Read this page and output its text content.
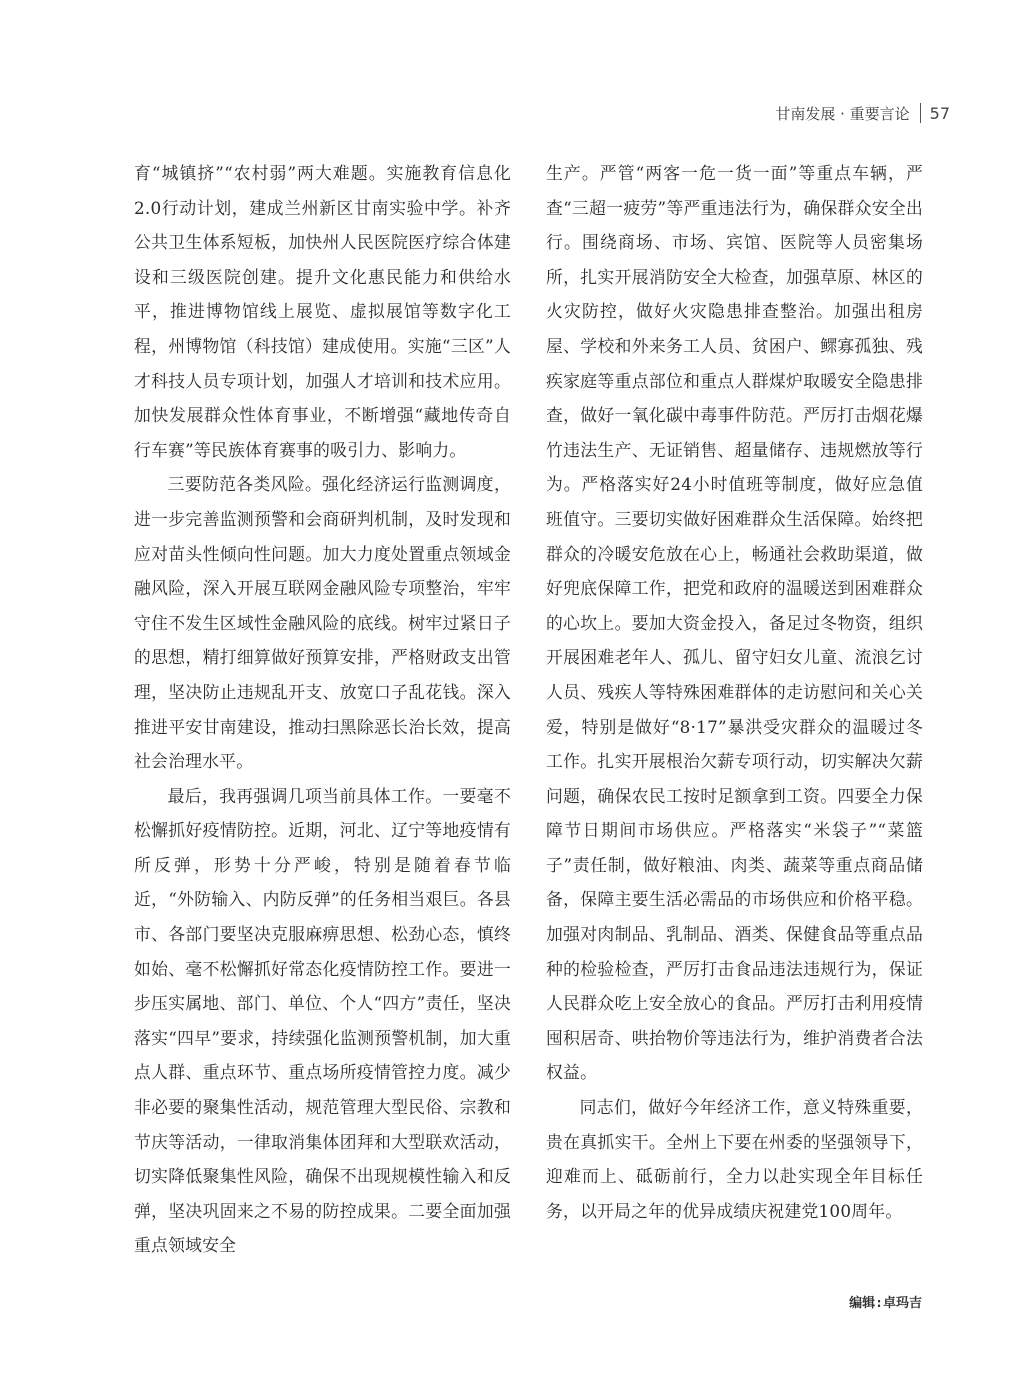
甘南发展 · 重要言论 57

育“城镇挤”“农村弱”两大难题。实施教育信息化2.0行动计划，建成兰州新区甘南实验中学。补齐公共卫生体系短板，加快州人民医院医疗综合体建设和三级医院创建。提升文化惠民能力和供给水平，推进博物馆线上展览、虚拟展馆等数字化工程，州博物馆（科技馆）建成使用。实施“三区”人才科技人员专项计划，加强人才培训和技术应用。加快发展群众性体育事业，不断增强“藏地传奇自行车赛”等民族体育赛事的吸引力、影响力。

三要防范各类风险。强化经济运行监测调度，进一步完善监测预警和会商研判机制，及时发现和应对苗头性倾向性问题。加大力度处置重点领域金融风险，深入开展互联网金融风险专项整治，牢牢守住不发生区域性金融风险的底线。树牢过紧日子的思想，精打细算做好预算安排，严格财政支出管理，坚决防止违规乱开支、放宽口子乱花钱。深入推进平安甘南建设，推动扫黑除恶长治长效，提高社会治理水平。

最后，我再强调几项当前具体工作。一要毫不松懈抓好疫情防控。近期，河北、辽宁等地疫情有所反弹，形势十分严峻，特别是随着春节临近，“外防输入、内防反弹”的任务相当艰巨。各县市、各部门要坚决克服麻痹思想、松劲心态，慎终如始、毫不松懈抓好常态化疫情防控工作。要进一步压实属地、部门、单位、个人“四方”责任，坚决落实“四早”要求，持续强化监测预警机制，加大重点人群、重点环节、重点场所疫情管控力度。减少非必要的聚集性活动，规范管理大型民俗、宗教和节庆等活动，一律取消集体团拜和大型联欢活动，切实降低聚集性风险，确保不出现规模性输入和反弹，坚决巩固来之不易的防控成果。二要全面加强重点领域安全

生产。严管“两客一危一货一面”等重点车辆，严查“三超一疲劳”等严重违法行为，确保群众安全出行。围绕商场、市场、宾馆、医院等人员密集场所，扎实开展消防安全大检查，加强草原、林区的火灾防控，做好火灾隐患排查整治。加强出租房屋、学校和外来务工人员、贫困户、鳏寡孤独、残疾家庭等重点部位和重点人群煤炉取暖安全隐患排查，做好一氧化碳中毒事件防范。严厉打击烟花爆竹违法生产、无证销售、超量储存、违规燃放等行为。严格落实好24小时值班等制度，做好应急值班值守。三要切实做好困难群众生活保障。始终把群众的冷暖安危放在心上，畅通社会救助渠道，做好兜底保障工作，把党和政府的温暖送到困难群众的心坎上。要加大资金投入，备足过冬物资，组织开展困难老年人、孤儿、留守妇女儿童、流浪乞讨人员、残疾人等特殊困难群体的走访慰问和关心关爱，特别是做好“8·17”暴洪受灾群众的温暖过冬工作。扎实开展根治欠薪专项行动，切实解决欠薪问题，确保农民工按时足额拿到工资。四要全力保障节日期间市场供应。严格落实“米袋子”“菜篮子”责任制，做好粮油、肉类、蔬菜等重点商品储备，保障主要生活必需品的市场供应和价格平稳。加强对肉制品、乳制品、酒类、保健食品等重点品种的检验检查，严厉打击食品违法违规行为，保证人民群众吃上安全放心的食品。严厉打击利用疫情囤积居奇、哄抬物价等违法行为，维护消费者合法权益。

同志们，做好今年经济工作，意义特殊重要，贵在真抓实干。全州上下要在州委的坚强领导下，迎难而上、砥砺前行，全力以赴实现全年目标任务，以开局之年的优异成绩庆祝建党100周年。

编辑:卓玛吉
